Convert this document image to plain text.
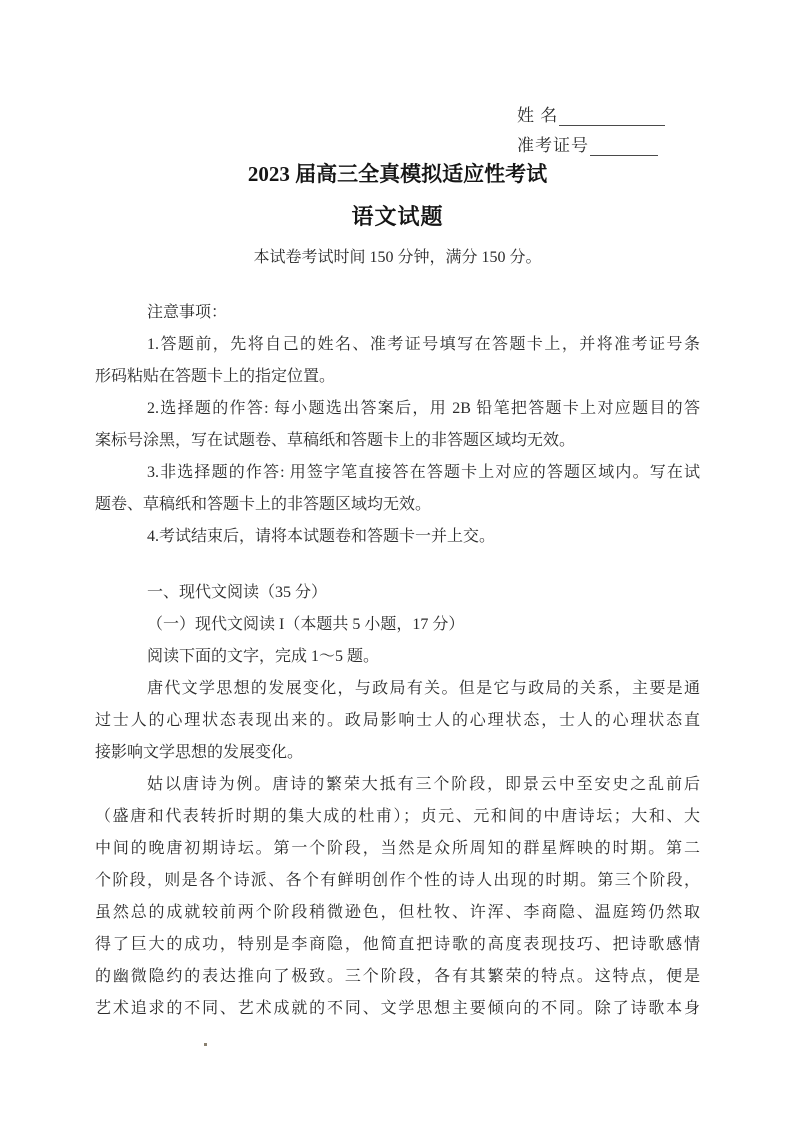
姓 名
准考证号
2023 届高三全真模拟适应性考试
语文试题
本试卷考试时间 150 分钟，满分 150 分。
注意事项：
1.答题前，先将自己的姓名、准考证号填写在答题卡上，并将准考证号条
形码粘贴在答题卡上的指定位置。
2.选择题的作答: 每小题选出答案后，用 2B 铅笔把答题卡上对应题目的答
案标号涂黑，写在试题卷、草稿纸和答题卡上的非答题区域均无效。
3.非选择题的作答: 用签字笔直接答在答题卡上对应的答题区域内。写在试
题卷、草稿纸和答题卡上的非答题区域均无效。
4.考试结束后，请将本试题卷和答题卡一并上交。
一、现代文阅读（35 分）
（一）现代文阅读 I（本题共 5 小题，17 分）
阅读下面的文字，完成 1～5 题。
唐代文学思想的发展变化，与政局有关。但是它与政局的关系，主要是通
过士人的心理状态表现出来的。政局影响士人的心理状态，士人的心理状态直
接影响文学思想的发展变化。
姑以唐诗为例。唐诗的繁荣大抵有三个阶段，即景云中至安史之乱前后
（盛唐和代表转折时期的集大成的杜甫）；贞元、元和间的中唐诗坛；大和、大
中间的晚唐初期诗坛。第一个阶段，当然是众所周知的群星辉映的时期。第二
个阶段，则是各个诗派、各个有鲜明创作个性的诗人出现的时期。第三个阶段，
虽然总的成就较前两个阶段稍微逊色，但杜牧、许浑、李商隐、温庭筠仍然取
得了巨大的成功，特别是李商隐，他简直把诗歌的高度表现技巧、把诗歌感情
的幽微隐约的表达推向了极致。三个阶段，各有其繁荣的特点。这特点，便是
艺术追求的不同、艺术成就的不同、文学思想主要倾向的不同。除了诗歌本身
